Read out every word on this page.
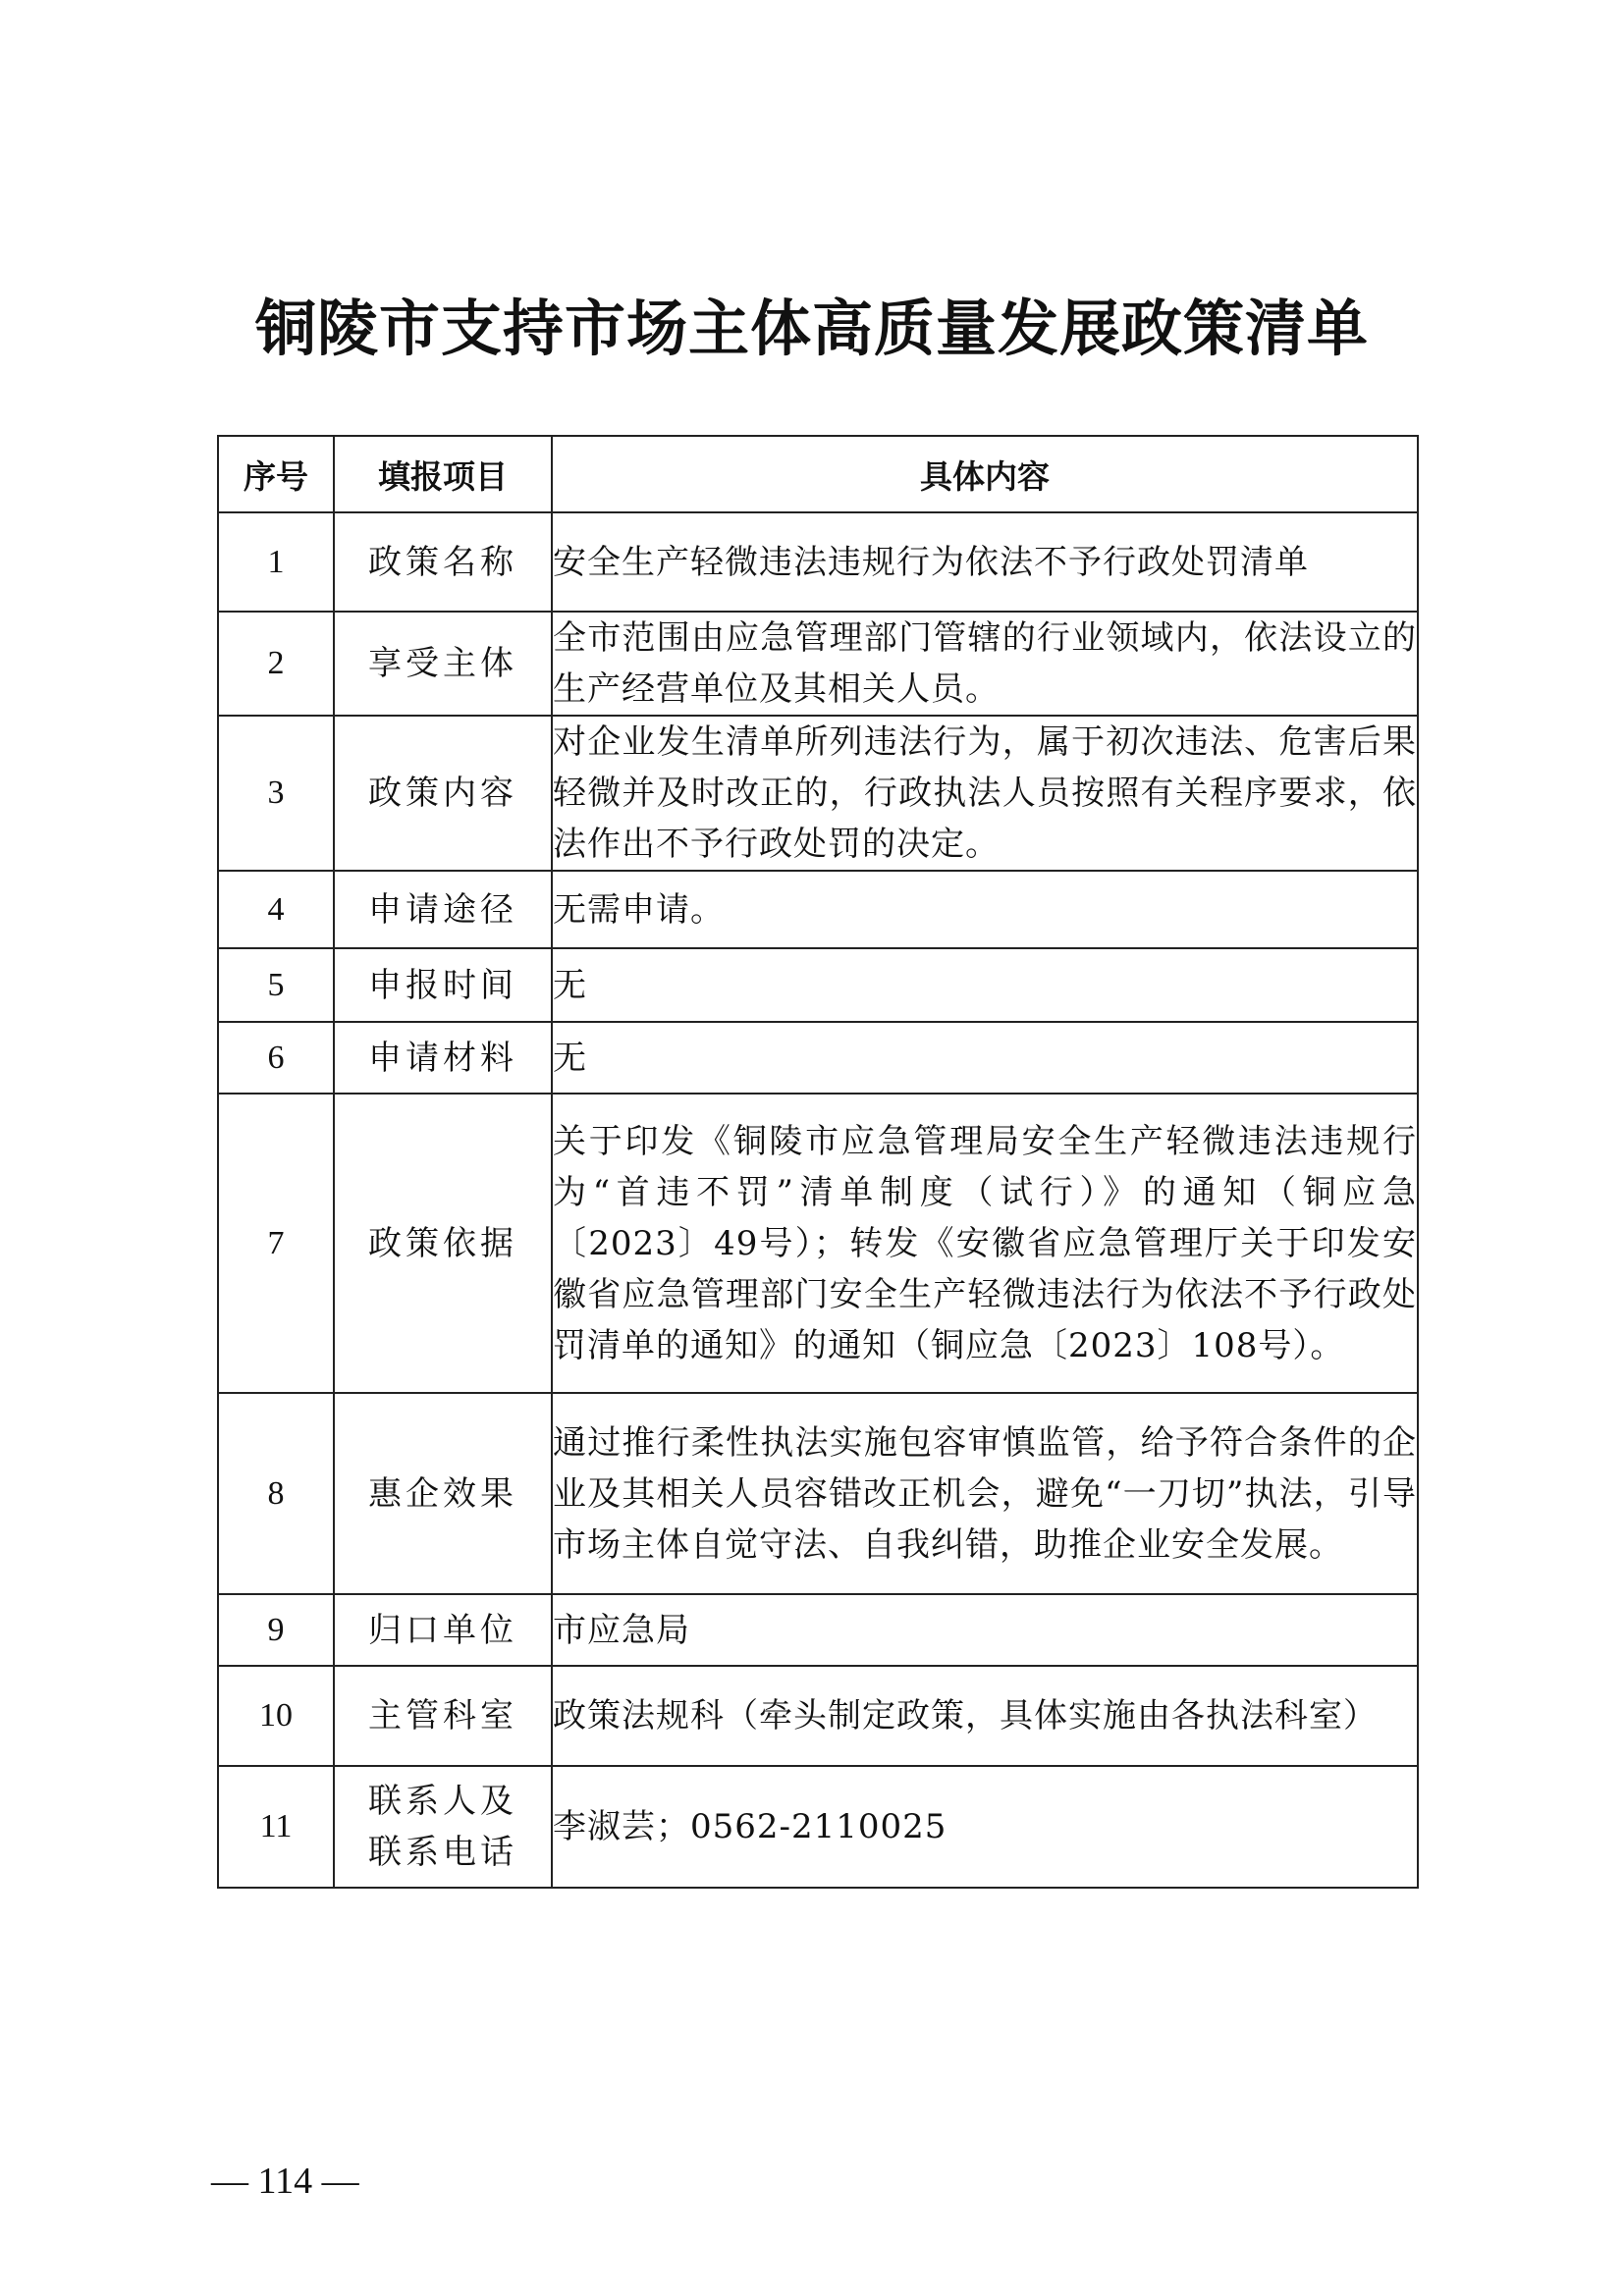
铜陵市支持市场主体高质量发展政策清单
序号	填报项目	具体内容
1	政策名称	安全生产轻微违法违规行为依法不予行政处罚清单
2	享受主体	全市范围由应急管理部门管辖的行业领域内，依法设立的生产经营单位及其相关人员。
3	政策内容	对企业发生清单所列违法行为，属于初次违法、危害后果轻微并及时改正的，行政执法人员按照有关程序要求，依法作出不予行政处罚的决定。
4	申请途径	无需申请。
5	申报时间	无
6	申请材料	无
7	政策依据	关于印发《铜陵市应急管理局安全生产轻微违法违规行为“首违不罚”清单制度（试行）》的通知（铜应急〔2023〕49号）；转发《安徽省应急管理厅关于印发安徽省应急管理部门安全生产轻微违法行为依法不予行政处罚清单的通知》的通知（铜应急〔2023〕108号）。
8	惠企效果	通过推行柔性执法实施包容审慎监管，给予符合条件的企业及其相关人员容错改正机会，避免“一刀切”执法，引导市场主体自觉守法、自我纠错，助推企业安全发展。
9	归口单位	市应急局
10	主管科室	政策法规科（牵头制定政策，具体实施由各执法科室）
11	联系人及联系电话	李淑芸；0562-2110025
— 114 —
